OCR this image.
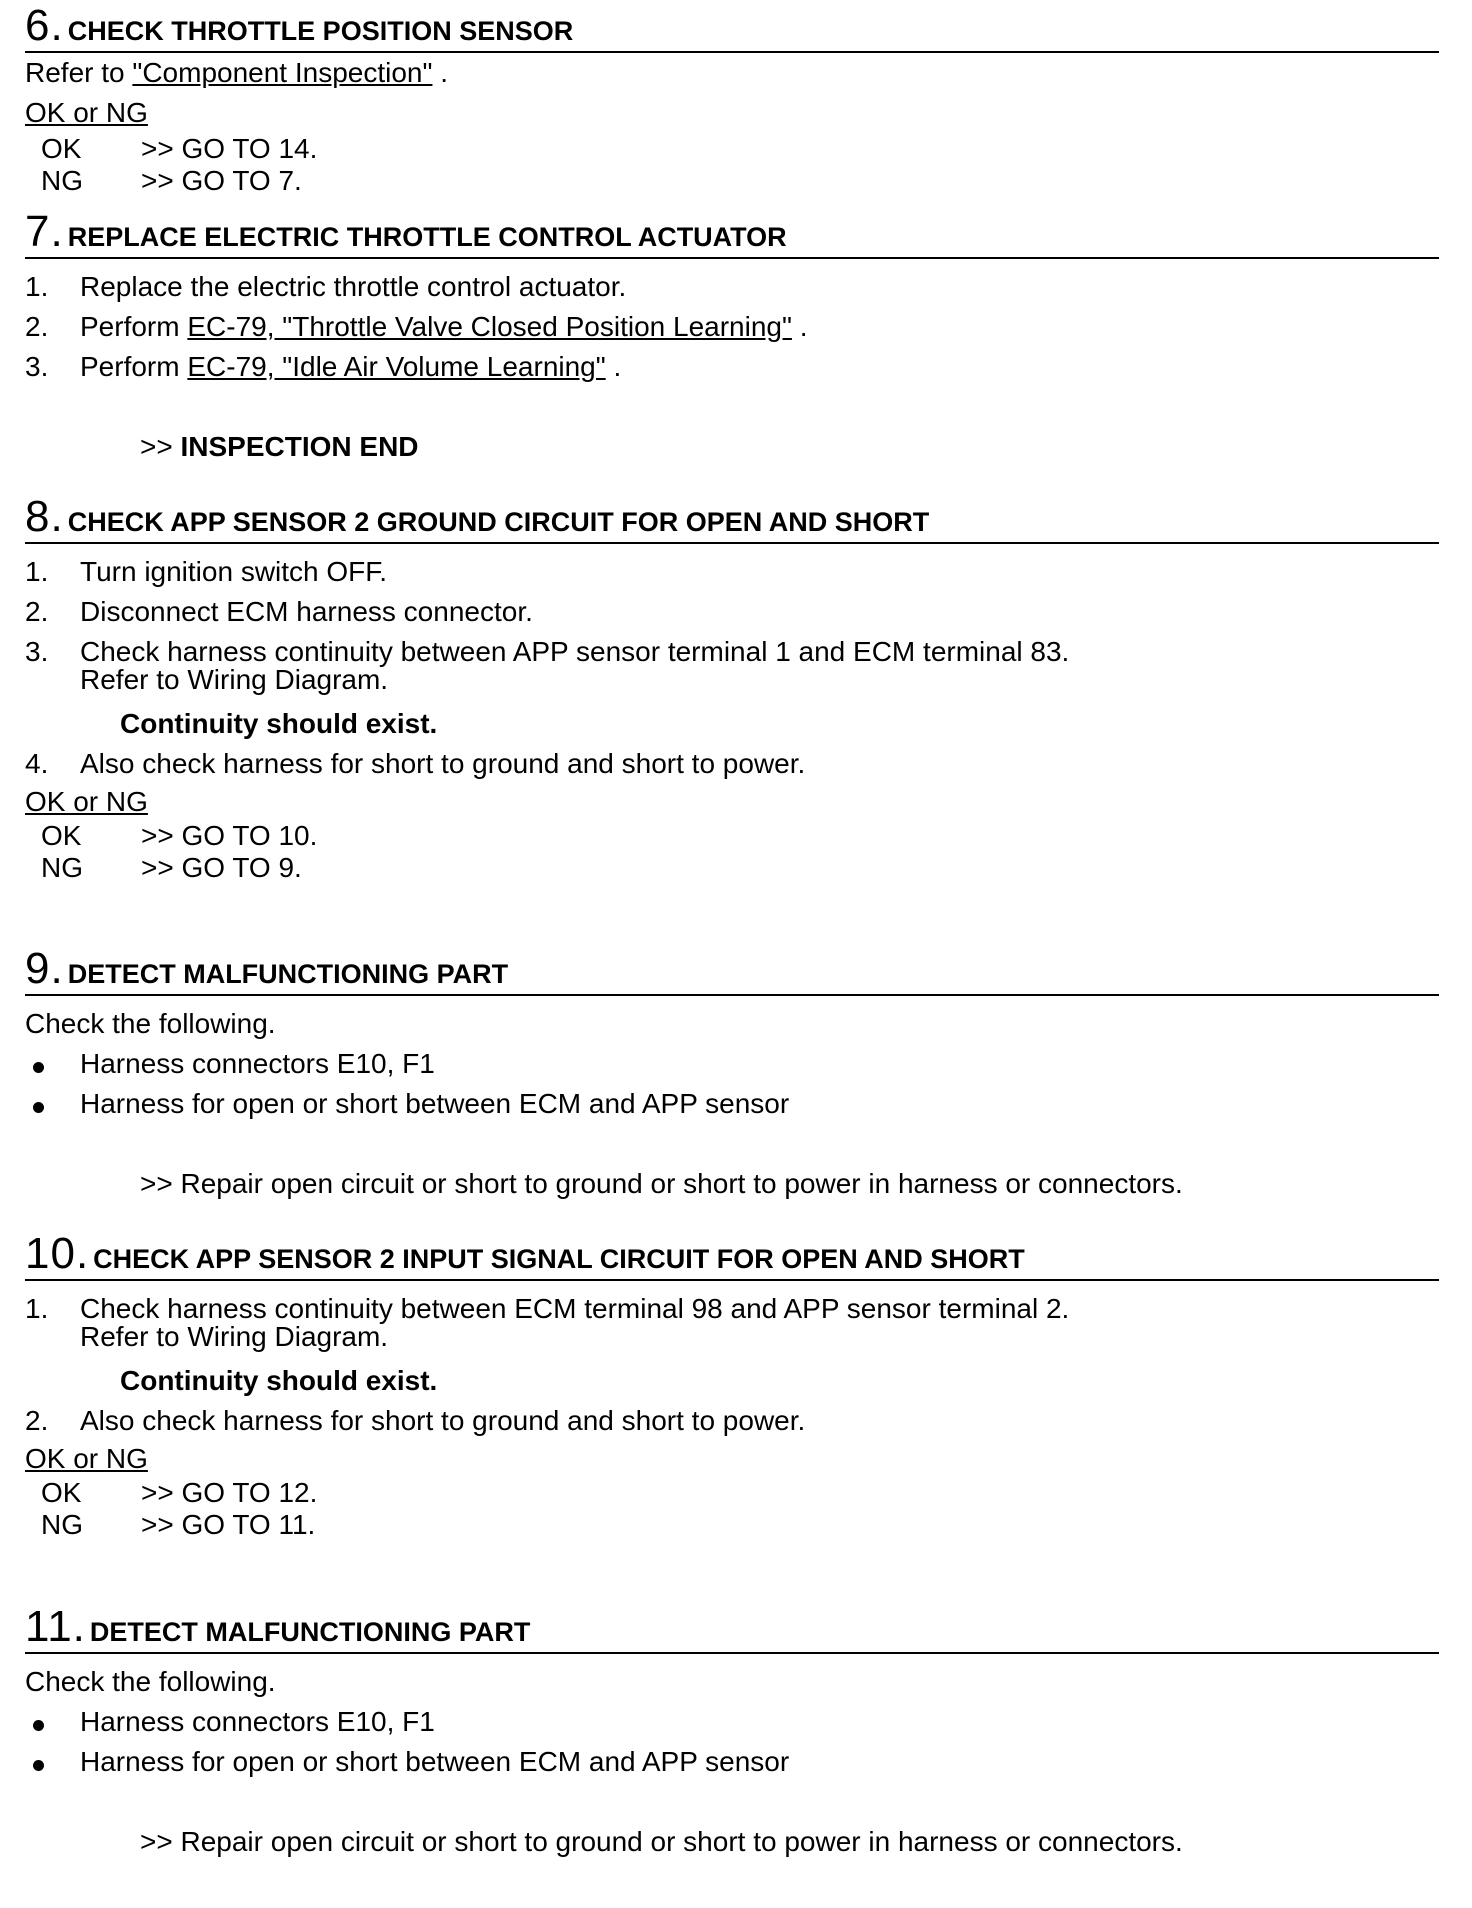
6. CHECK THROTTLE POSITION SENSOR
Refer to "Component Inspection" .
OK or NG
OK	>> GO TO 14.
NG	>> GO TO 7.
7. REPLACE ELECTRIC THROTTLE CONTROL ACTUATOR
1.	Replace the electric throttle control actuator.
2.	Perform EC-79, "Throttle Valve Closed Position Learning" .
3.	Perform EC-79, "Idle Air Volume Learning" .
>> INSPECTION END
8. CHECK APP SENSOR 2 GROUND CIRCUIT FOR OPEN AND SHORT
1.	Turn ignition switch OFF.
2.	Disconnect ECM harness connector.
3.	Check harness continuity between APP sensor terminal 1 and ECM terminal 83.
Refer to Wiring Diagram.
Continuity should exist.
4.	Also check harness for short to ground and short to power.
OK or NG
OK	>> GO TO 10.
NG	>> GO TO 9.
9. DETECT MALFUNCTIONING PART
Check the following.
Harness connectors E10, F1
Harness for open or short between ECM and APP sensor
>> Repair open circuit or short to ground or short to power in harness or connectors.
10. CHECK APP SENSOR 2 INPUT SIGNAL CIRCUIT FOR OPEN AND SHORT
1.	Check harness continuity between ECM terminal 98 and APP sensor terminal 2.
Refer to Wiring Diagram.
Continuity should exist.
2.	Also check harness for short to ground and short to power.
OK or NG
OK	>> GO TO 12.
NG	>> GO TO 11.
11. DETECT MALFUNCTIONING PART
Check the following.
Harness connectors E10, F1
Harness for open or short between ECM and APP sensor
>> Repair open circuit or short to ground or short to power in harness or connectors.
